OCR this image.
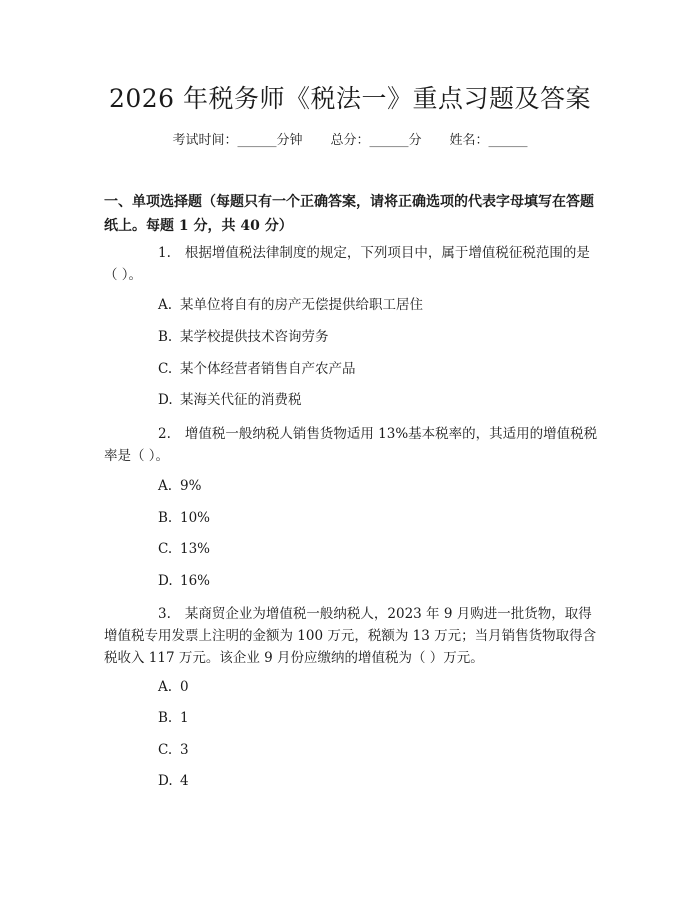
2026 年税务师《税法一》重点习题及答案
考试时间：______分钟 总分：______分 姓名：______
一、单项选择题（每题只有一个正确答案，请将正确选项的代表字母填写在答题纸上。每题 1 分，共 40 分）
1. 根据增值税法律制度的规定，下列项目中，属于增值税征税范围的是（ ）。
A. 某单位将自有的房产无偿提供给职工居住
B. 某学校提供技术咨询劳务
C. 某个体经营者销售自产农产品
D. 某海关代征的消费税
2. 增值税一般纳税人销售货物适用 13%基本税率的，其适用的增值税税率是（ ）。
A. 9%
B. 10%
C. 13%
D. 16%
3. 某商贸企业为增值税一般纳税人，2023 年 9 月购进一批货物，取得增值税专用发票上注明的金额为 100 万元，税额为 13 万元；当月销售货物取得含税收入 117 万元。该企业 9 月份应缴纳的增值税为（ ）万元。
A. 0
B. 1
C. 3
D. 4
